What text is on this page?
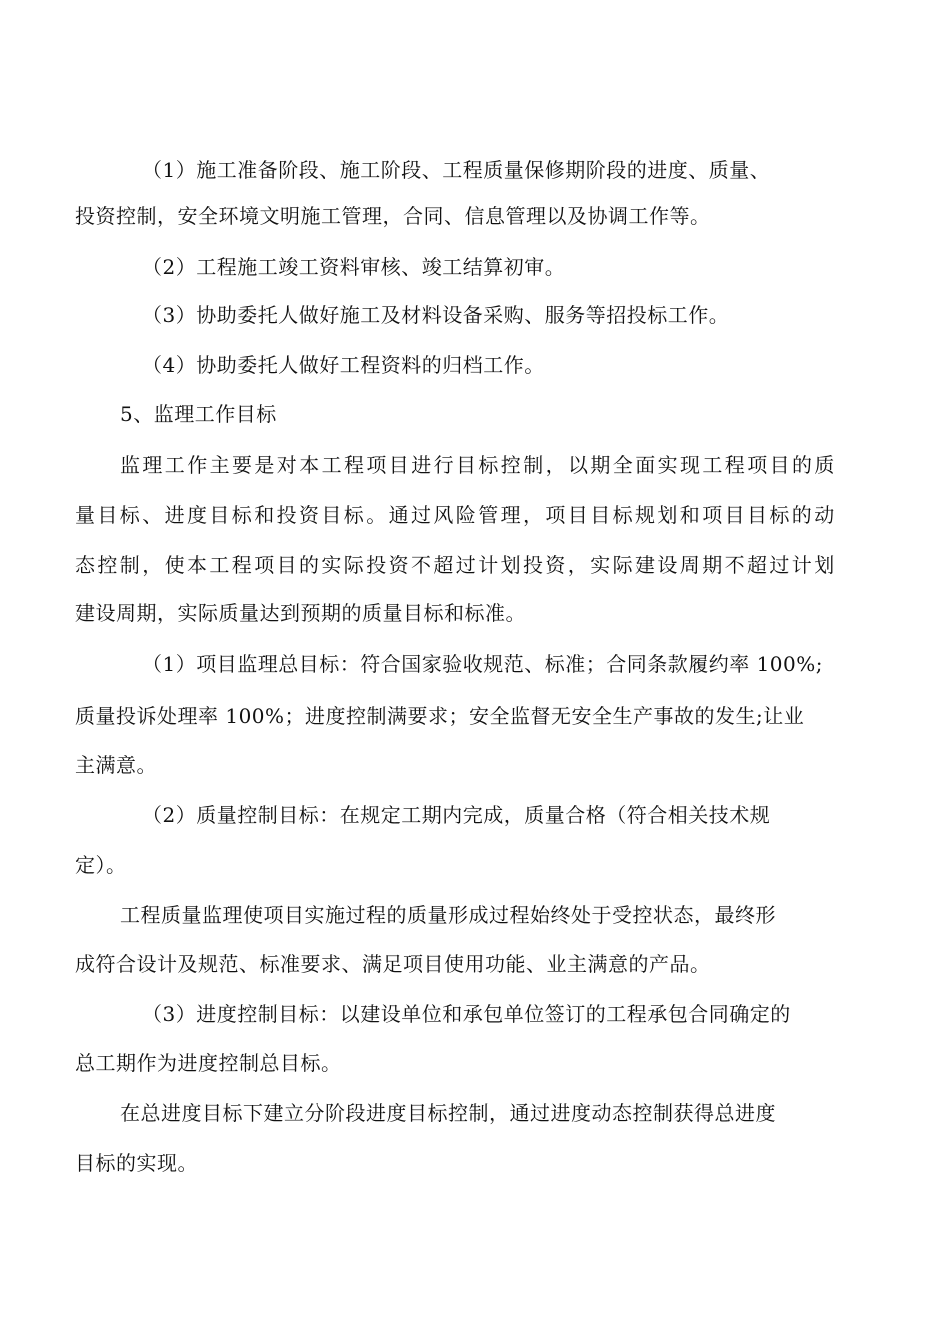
（1）施工准备阶段、施工阶段、工程质量保修期阶段的进度、质量、
投资控制，安全环境文明施工管理，合同、信息管理以及协调工作等。
（2）工程施工竣工资料审核、竣工结算初审。
（3）协助委托人做好施工及材料设备采购、服务等招投标工作。
（4）协助委托人做好工程资料的归档工作。
5、监理工作目标
监理工作主要是对本工程项目进行目标控制，以期全面实现工程项目的质
量目标、进度目标和投资目标。通过风险管理，项目目标规划和项目目标的动
态控制，使本工程项目的实际投资不超过计划投资，实际建设周期不超过计划
建设周期，实际质量达到预期的质量目标和标准。
（1）项目监理总目标：符合国家验收规范、标准；合同条款履约率 100%;
质量投诉处理率 100%；进度控制满要求；安全监督无安全生产事故的发生;让业
主满意。
（2）质量控制目标：在规定工期内完成，质量合格（符合相关技术规
定）。
工程质量监理使项目实施过程的质量形成过程始终处于受控状态，最终形
成符合设计及规范、标准要求、满足项目使用功能、业主满意的产品。
（3）进度控制目标：以建设单位和承包单位签订的工程承包合同确定的
总工期作为进度控制总目标。
在总进度目标下建立分阶段进度目标控制，通过进度动态控制获得总进度
目标的实现。
